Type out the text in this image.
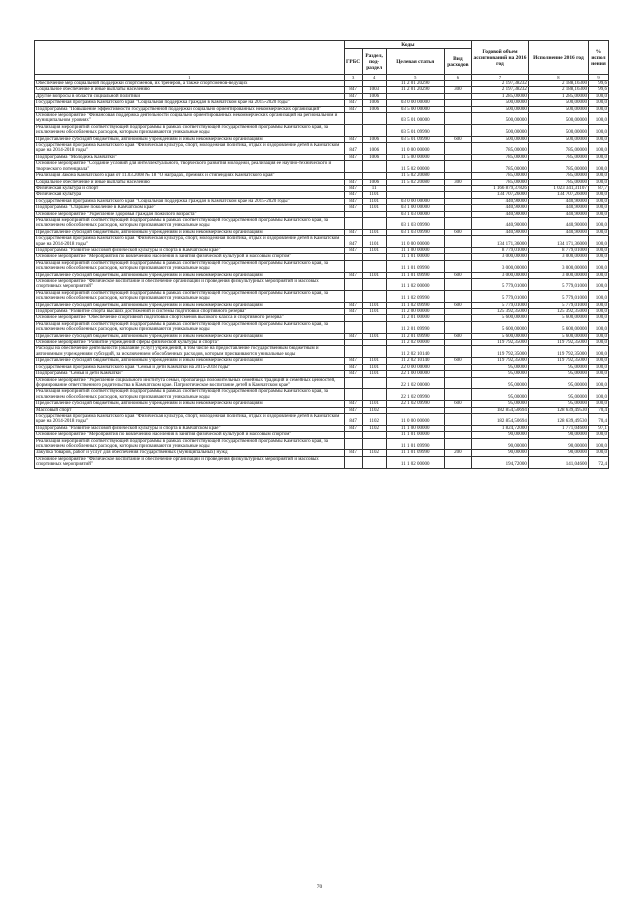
	Коды				Годовой объем ассигнований на 2016 год	Исполнение 2016 год	% испол нения
	ГРБС	Раздел, под-раздел	Целевая статья	Вид расходов			
1	3	4	5	6	7	8	9
Обеспечение мер социальной поддержки спортсменов, их тренеров, а также спортсменов-ведущих			11 2 01 20290		2 197,38232	2 188,16300	99,6
Социальное обеспечение и иные выплаты населению	847	1003	11 2 01 20290	300	2 197,38232	2 188,16300	99,6
Другие вопросы в области социальной политики	847	1006			1 285,00000	1 285,00000	100,0
Государственная программа Камчатского края "Социальная поддержка граждан в Камчатском крае на 2015-2020 годы"	847	1006	03 0 00 00000		500,00000	500,00000	100,0
Подпрограмма "Повышение эффективности государственной поддержки социально ориентированных некоммерческих организаций"	847	1006	03 5 00 00000		500,00000	500,00000	100,0
Основное мероприятие "Финансовая поддержка деятельности социально ориентированных некоммерческих организаций на региональном и муниципальном уровнях"			03 5 01 00000		500,00000	500,00000	100,0
Реализация мероприятий соответствующей подпрограммы в рамках соответствующей государственной программы Камчатского края, за исключением обособленных расходов, которым присваиваются уникальные коды			03 5 01 09990		500,00000	500,00000	100,0
Предоставление субсидий бюджетным, автономным учреждениям и иным некоммерческим организациям	847	1006	03 5 01 09990	600	500,00000	500,00000	100,0
Государственная программа Камчатского края "Физическая культура, спорт, молодежная политика, отдых и оздоровление детей в Камчатском крае на 2014-2018 годы"	847	1006	11 0 00 00000		785,00000	785,00000	100,0
Подпрограмма "Молодежь Камчатки"	847	1006	11 5 00 00000		785,00000	785,00000	100,0
Основное мероприятие "Создание условий для интеллектуального, творческого развития молодежи, реализация ее научно-технического и творческого потенциала"			11 5 02 00000		785,00000	785,00000	100,0
Реализация Закона Камчатского края от 11.03.2008 № 18 "О наградах, премиях и стипендиях Камчатского края"			11 5 02 20080		785,00000	785,00000	100,0
Социальное обеспечение и иные выплаты населению	847	1006	11 5 02 20080	300	785,00000	785,00000	100,0
Физическая культура и спорт	847	11			1 166 879,37826	1 023 341,31107	87,7
Физическая культура	847	1101			134 707,26000	134 707,26000	100,0
Государственная программа Камчатского края "Социальная поддержка граждан в Камчатском крае на 2015-2020 годы"	847	1101	03 0 00 00000		440,90000	440,90000	100,0
Подпрограмма "Старшее поколение в Камчатском крае"	847	1101	03 1 00 00000		440,90000	440,90000	100,0
Основное мероприятие "Укрепление здоровья граждан пожилого возраста"			03 1 03 00000		440,90000	440,90000	100,0
Реализация мероприятий соответствующей подпрограммы в рамках соответствующей государственной программы Камчатского края, за исключением обособленных расходов, которым присваиваются уникальные коды			03 1 03 09990		440,90000	440,90000	100,0
Предоставление субсидий бюджетным, автономным учреждениям и иным некоммерческим организациям	847	1101	03 1 03 09990	600	440,90000	440,90000	100,0
Государственная программа Камчатского края "Физическая культура, спорт, молодежная политика, отдых и оздоровление детей в Камчатском крае на 2014-2018 годы"	847	1101	11 0 00 00000		134 171,36000	134 171,36000	100,0
Подпрограмма "Развитие массовой физической культуры и спорта в Камчатском крае"	847	1101	11 1 00 00000		8 779,01000	8 779,01000	100,0
Основное мероприятие "Мероприятия по вовлечению населения в занятия физической культурой и массовым спортом"			11 1 01 00000		3 000,00000	3 000,00000	100,0
Реализация мероприятий соответствующей подпрограммы в рамках соответствующей государственной программы Камчатского края, за исключением обособленных расходов, которым присваиваются уникальные коды			11 1 01 09990		3 000,00000	3 000,00000	100,0
Предоставление субсидий бюджетным, автономным учреждениям и иным некоммерческим организациям	847	1101	11 1 01 09990	600	3 000,00000	3 000,00000	100,0
Основное мероприятие "Физическое воспитание и обеспечение организации и проведения физкультурных мероприятий и массовых спортивных мероприятий"			11 1 02 00000		5 779,01000	5 779,01000	100,0
Реализация мероприятий соответствующей подпрограммы в рамках соответствующей государственной программы Камчатского края, за исключением обособленных расходов, которым присваиваются уникальные коды			11 1 02 09990		5 779,01000	5 779,01000	100,0
Предоставление субсидий бюджетным, автономным учреждениям и иным некоммерческим организациям	847	1101	11 1 02 09990	600	5 779,01000	5 779,01000	100,0
Подпрограмма "Развитие спорта высших достижений и системы подготовки спортивного резерва"	847	1101	11 2 00 00000		125 392,35000	125 392,35000	100,0
Основное мероприятие "Обеспечение спортивной подготовки спортсменов высокого класса и спортивного резерва"			11 2 01 00000		5 600,00000	5 600,00000	100,0
Реализация мероприятий соответствующей подпрограммы в рамках соответствующей государственной программы Камчатского края, за исключением обособленных расходов, которым присваиваются уникальные коды			11 2 01 09990		5 600,00000	5 600,00000	100,0
Предоставление субсидий бюджетным, автономным учреждениям и иным некоммерческим организациям	847	1101	11 2 01 09990	600	5 600,00000	5 600,00000	100,0
Основное мероприятие "Развитие учреждений сферы физической культуры и спорта"			11 2 02 00000		119 792,35000	119 792,35000	100,0
Расходы на обеспечение деятельности (оказание услуг) учреждений, в том числе на предоставление государственным бюджетным и автономным учреждениям субсидий, за исключением обособленных расходов, которым присваиваются уникальные коды			11 2 02 10140		119 792,35000	119 792,35000	100,0
Предоставление субсидий бюджетным, автономным учреждениям и иным некоммерческим организациям	847	1101	11 2 02 10140	600	119 792,35000	119 792,35000	100,0
Государственная программа Камчатского края "Семья и дети Камчатки на 2015-2018 годы"	847	1101	22 0 00 00000		95,00000	95,00000	100,0
Подпрограмма "Семья и дети Камчатки"	847	1101	22 1 00 00000		95,00000	95,00000	100,0
Основное мероприятие "Укрепление социального института семьи, пропаганда положительных семейных традиций и семейных ценностей, формирование ответственного родительства в Камчатском крае. Патриотическое воспитание детей в Камчатском крае"			22 1 02 00000		95,00000	95,00000	100,0
Реализация мероприятий соответствующей подпрограммы в рамках соответствующей государственной программы Камчатского края, за исключением обособленных расходов, которым присваиваются уникальные коды			22 1 02 09990		95,00000	95,00000	100,0
Предоставление субсидий бюджетным, автономным учреждениям и иным некоммерческим организациям	847	1101	22 1 02 09990	600	95,00000	95,00000	100,0
Массовый спорт	847	1102			182 854,50694	128 639,49530	70,4
Государственная программа Камчатского края "Физическая культура, спорт, молодежная политика, отдых и оздоровление детей в Камчатском крае на 2014-2018 годы"	847	1102	11 0 00 00000		182 854,50694	128 639,49530	70,4
Подпрограмма "Развитие массовой физической культуры и спорта в Камчатском крае"	847	1102	11 1 00 00000		1 824,72000	1 771,04600	97,1
Основное мероприятие "Мероприятия по вовлечению населения в занятия физической культурой и массовым спортом"			11 1 01 00000		90,00000	90,00000	100,0
Реализация мероприятий соответствующей подпрограммы в рамках соответствующей государственной программы Камчатского края, за исключением обособленных расходов, которым присваиваются уникальные коды			11 1 01 09990		90,00000	90,00000	100,0
Закупка товаров, работ и услуг для обеспечения государственных (муниципальных) нужд	847	1102	11 1 01 09990	200	90,00000	90,00000	100,0
Основное мероприятие "Физическое воспитание и обеспечение организации и проведения физкультурных мероприятий и массовых спортивных мероприятий"			11 1 02 00000		194,72000	141,04600	72,4
70
